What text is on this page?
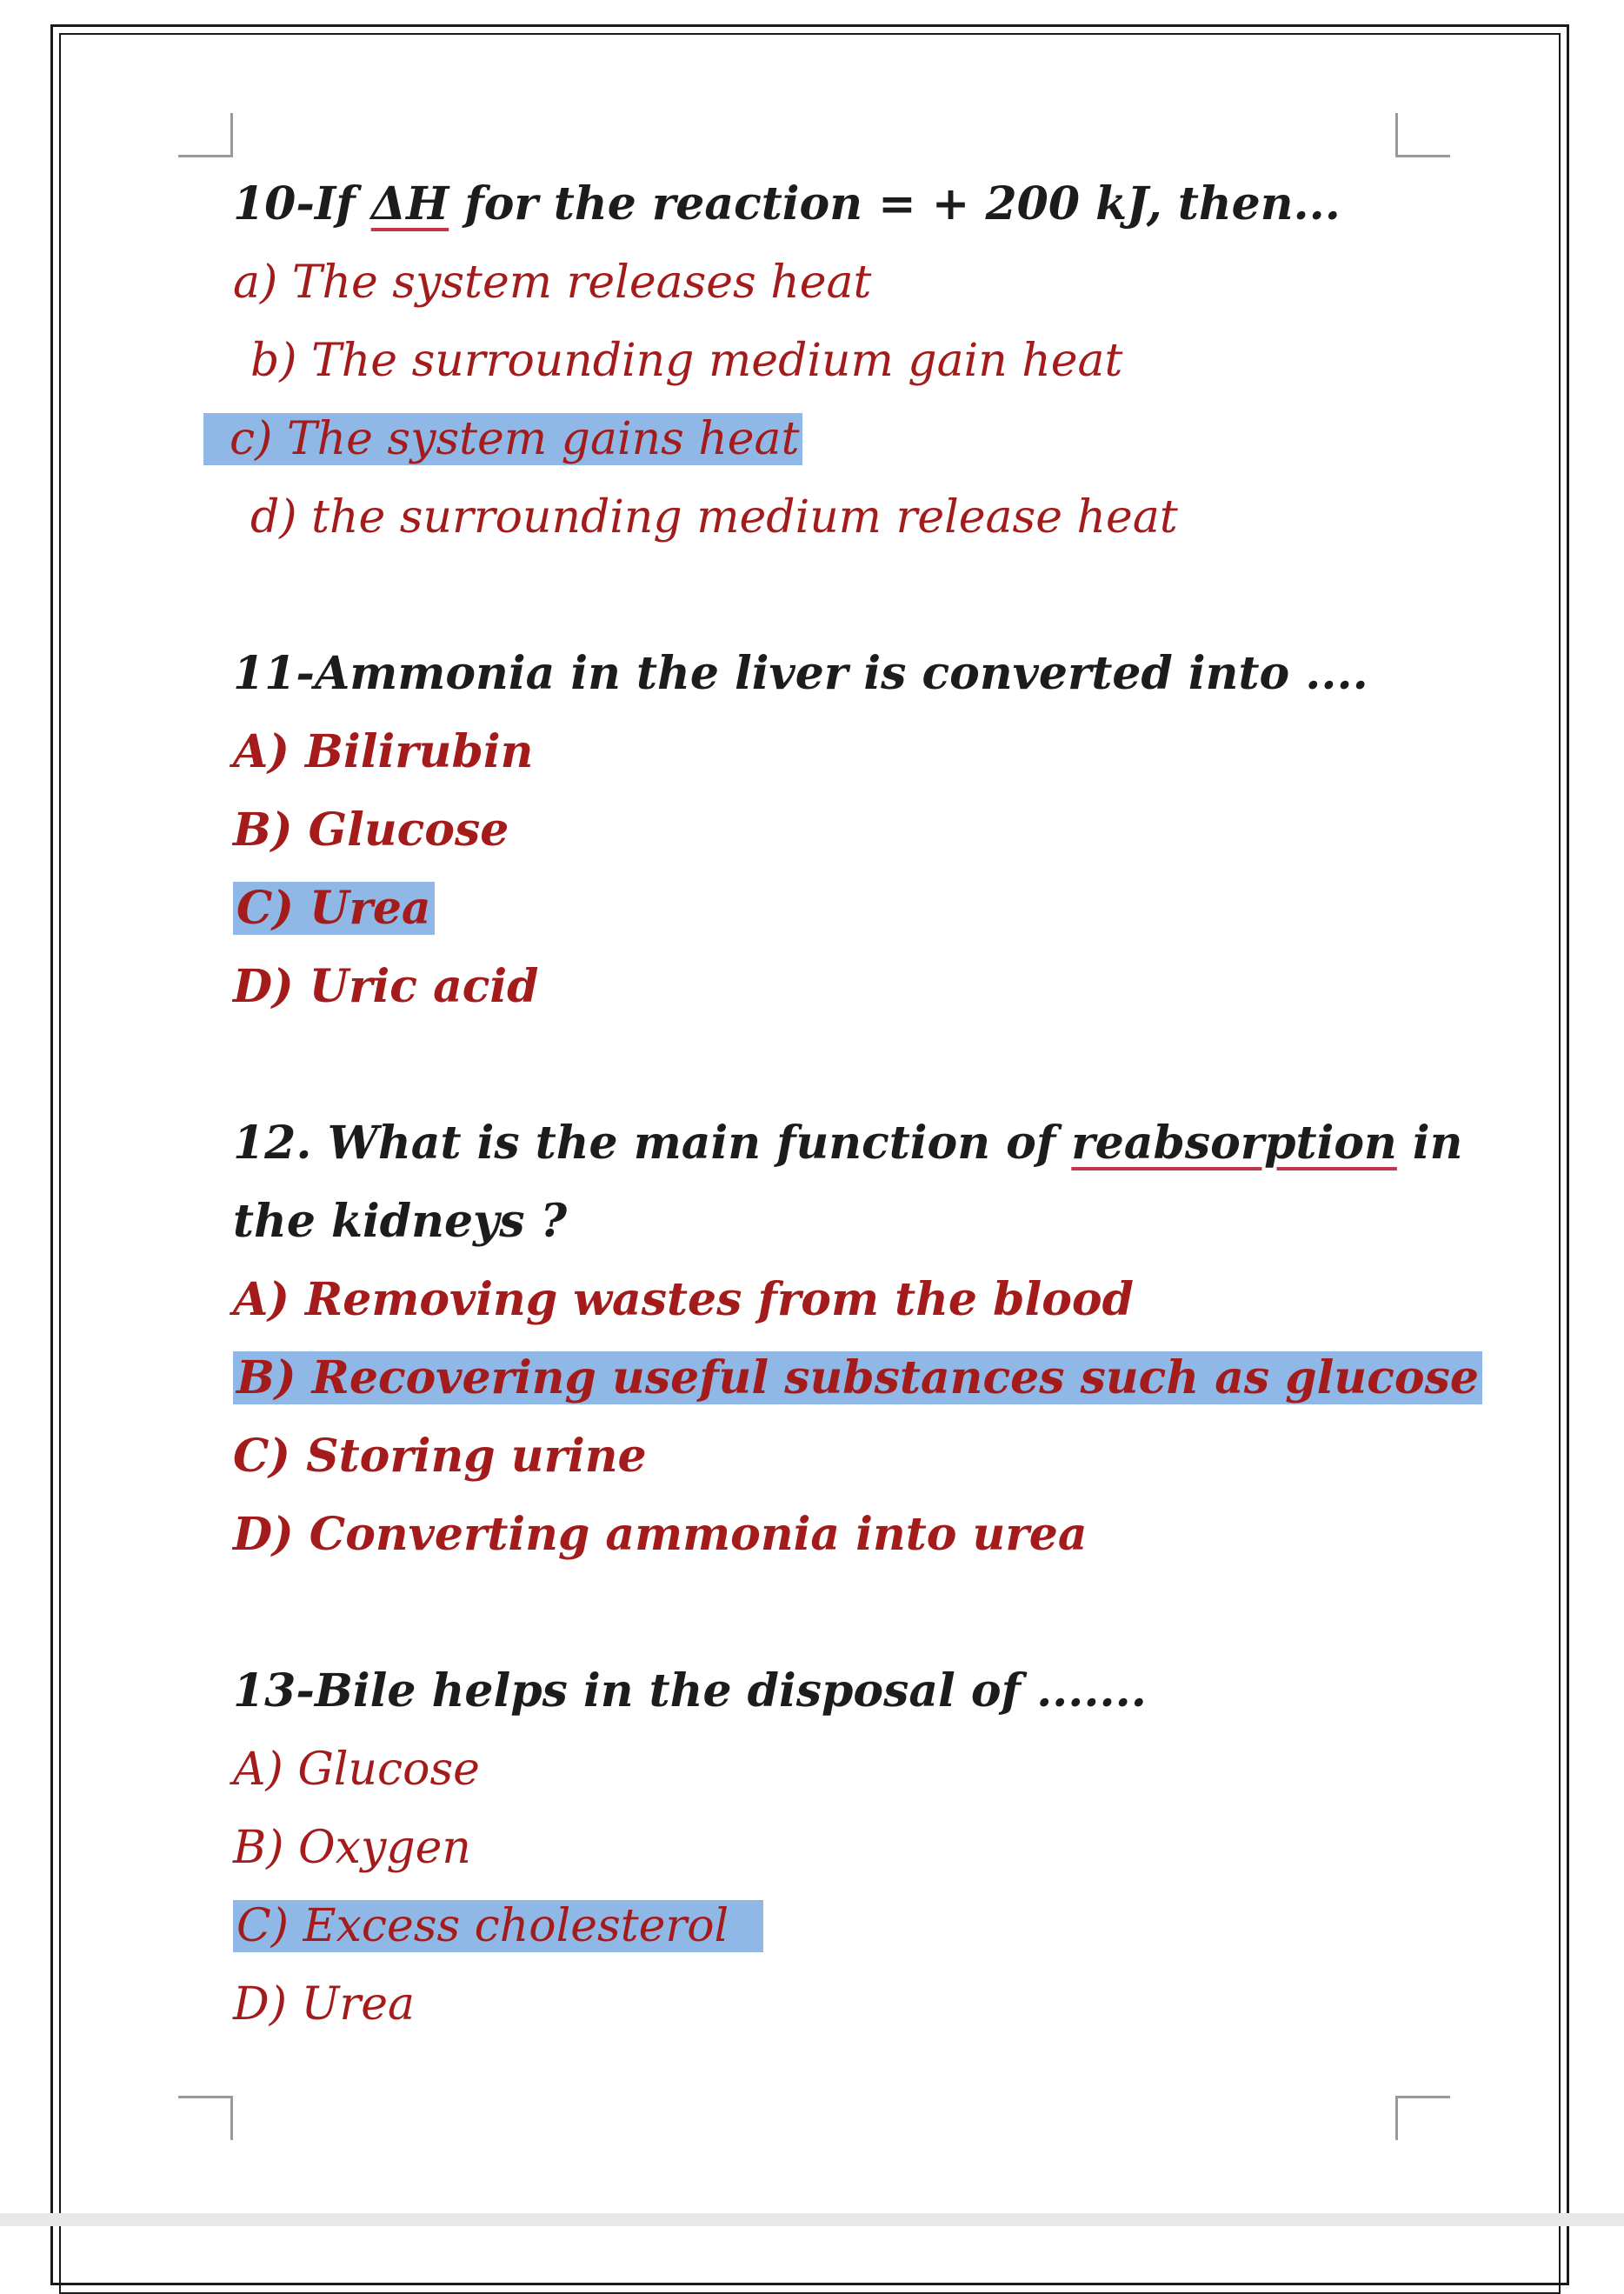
10-If ΔH for the reaction = + 200 kJ, then...
a) The system releases heat
b) The surrounding medium gain heat
c) The system gains heat
d) the surrounding medium release heat
11-Ammonia in the liver is converted into ....
A) Bilirubin
B) Glucose
C) Urea
D) Uric acid
12. What is the main function of reabsorption in
the kidneys ?
A) Removing wastes from the blood
B) Recovering useful substances such as glucose
C) Storing urine
D) Converting ammonia into urea
13-Bile helps in the disposal of .......
A) Glucose
B) Oxygen
C) Excess cholesterol
D) Urea
